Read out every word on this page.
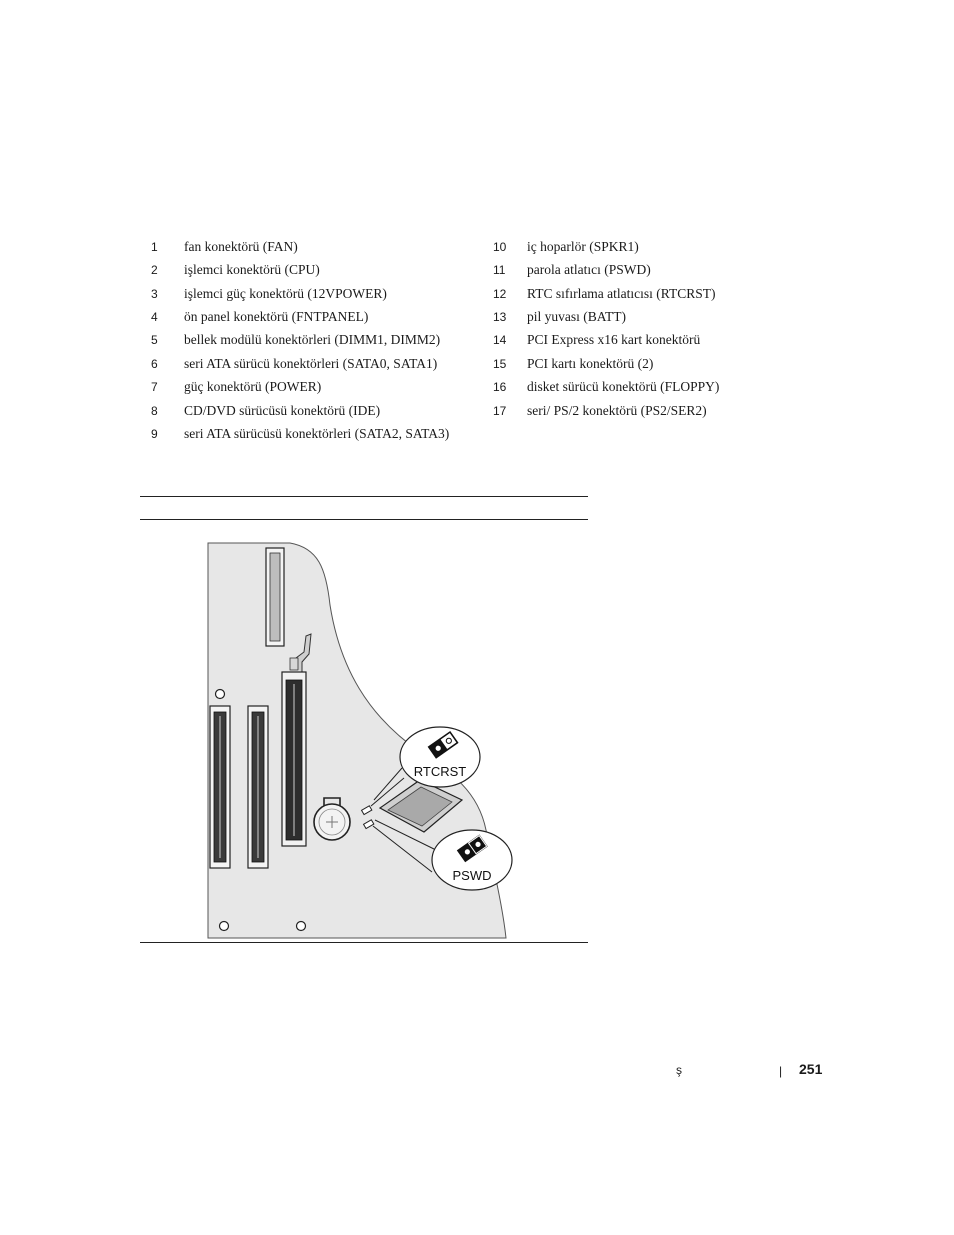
1 fan konektörü (FAN)
2 işlemci konektörü (CPU)
3 işlemci güç konektörü (12VPOWER)
4 ön panel konektörü (FNTPANEL)
5 bellek modülü konektörleri (DIMM1, DIMM2)
6 seri ATA sürücü konektörleri (SATA0, SATA1)
7 güç konektörü (POWER)
8 CD/DVD sürücüsü konektörü (IDE)
9 seri ATA sürücüsü konektörleri (SATA2, SATA3)
10 iç hoparlör (SPKR1)
11 parola atlatıcı (PSWD)
12 RTC sıfırlama atlatıcısı (RTCRST)
13 pil yuvası (BATT)
14 PCI Express x16 kart konektörü
15 PCI kartı konektörü (2)
16 disket sürücü konektörü (FLOPPY)
17 seri/ PS/2 konektörü (PS2/SER2)
RTCRST
PSWD
ş	| 251
